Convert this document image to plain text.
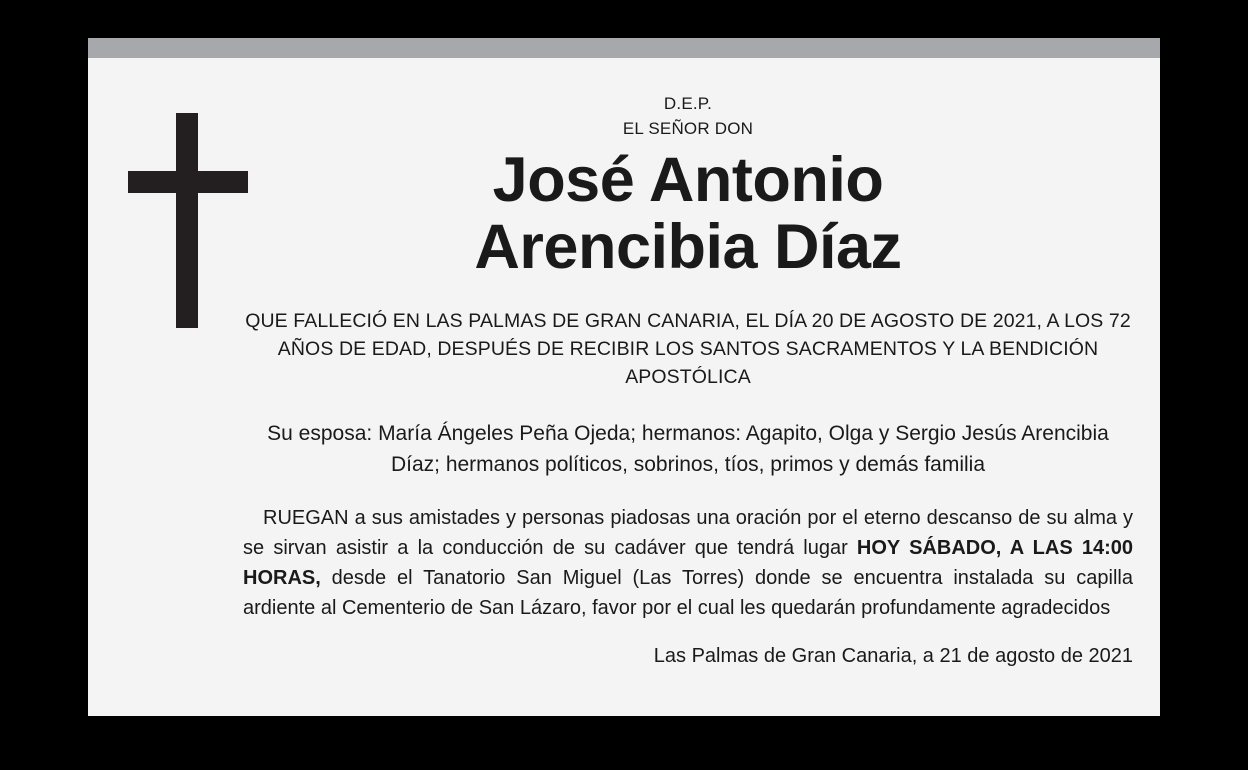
D.E.P.
EL SEÑOR DON
José Antonio
Arencibia Díaz
QUE FALLECIÓ EN LAS PALMAS DE GRAN CANARIA, EL DÍA 20 DE AGOSTO DE 2021, A LOS 72 AÑOS DE EDAD, DESPUÉS DE RECIBIR LOS SANTOS SACRAMENTOS Y LA BENDICIÓN APOSTÓLICA
Su esposa: María Ángeles Peña Ojeda; hermanos: Agapito, Olga y Sergio Jesús Arencibia Díaz; hermanos políticos, sobrinos, tíos, primos y demás familia
RUEGAN a sus amistades y personas piadosas una oración por el eterno descanso de su alma y se sirvan asistir a la conducción de su cadáver que tendrá lugar HOY SÁBADO, A LAS 14:00 HORAS, desde el Tanatorio San Miguel (Las Torres) donde se encuentra instalada su capilla ardiente al Cementerio de San Lázaro, favor por el cual les quedarán profundamente agradecidos
Las Palmas de Gran Canaria, a 21 de agosto de 2021
